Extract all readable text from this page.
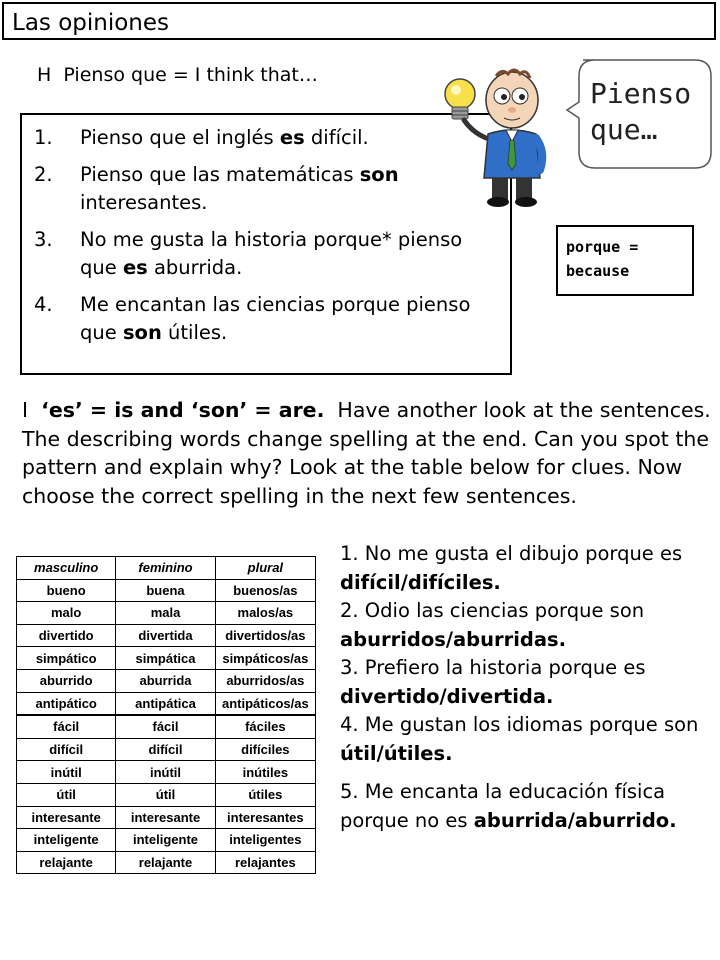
Las opiniones
H Pienso que = I think that…
1.	Pienso que el inglés es difícil.
2.	Pienso que las matemáticas son interesantes.
3.	No me gusta la historia porque* pienso que es aburrida.
4.	Me encantan las ciencias porque pienso que son útiles.
Pienso
que…
porque =
because
I ‘es’ = is and ‘son’ = are. Have another look at the sentences. The describing words change spelling at the end. Can you spot the pattern and explain why? Look at the table below for clues. Now choose the correct spelling in the next few sentences.
masculino	feminino	plural
bueno	buena	buenos/as
malo	mala	malos/as
divertido	divertida	divertidos/as
simpático	simpática	simpáticos/as
aburrido	aburrida	aburridos/as
antipático	antipática	antipáticos/as
fácil	fácil	fáciles
difícil	difícil	difíciles
inútil	inútil	inútiles
útil	útil	útiles
interesante	interesante	interesantes
inteligente	inteligente	inteligentes
relajante	relajante	relajantes

1. No me gusta el dibujo porque es difícil/difíciles.

2. Odio las ciencias porque son aburridos/aburridas.

3. Prefiero la historia porque es divertido/divertida.

4. Me gustan los idiomas porque son útil/útiles.

5. Me encanta la educación física porque no es aburrida/aburrido.
